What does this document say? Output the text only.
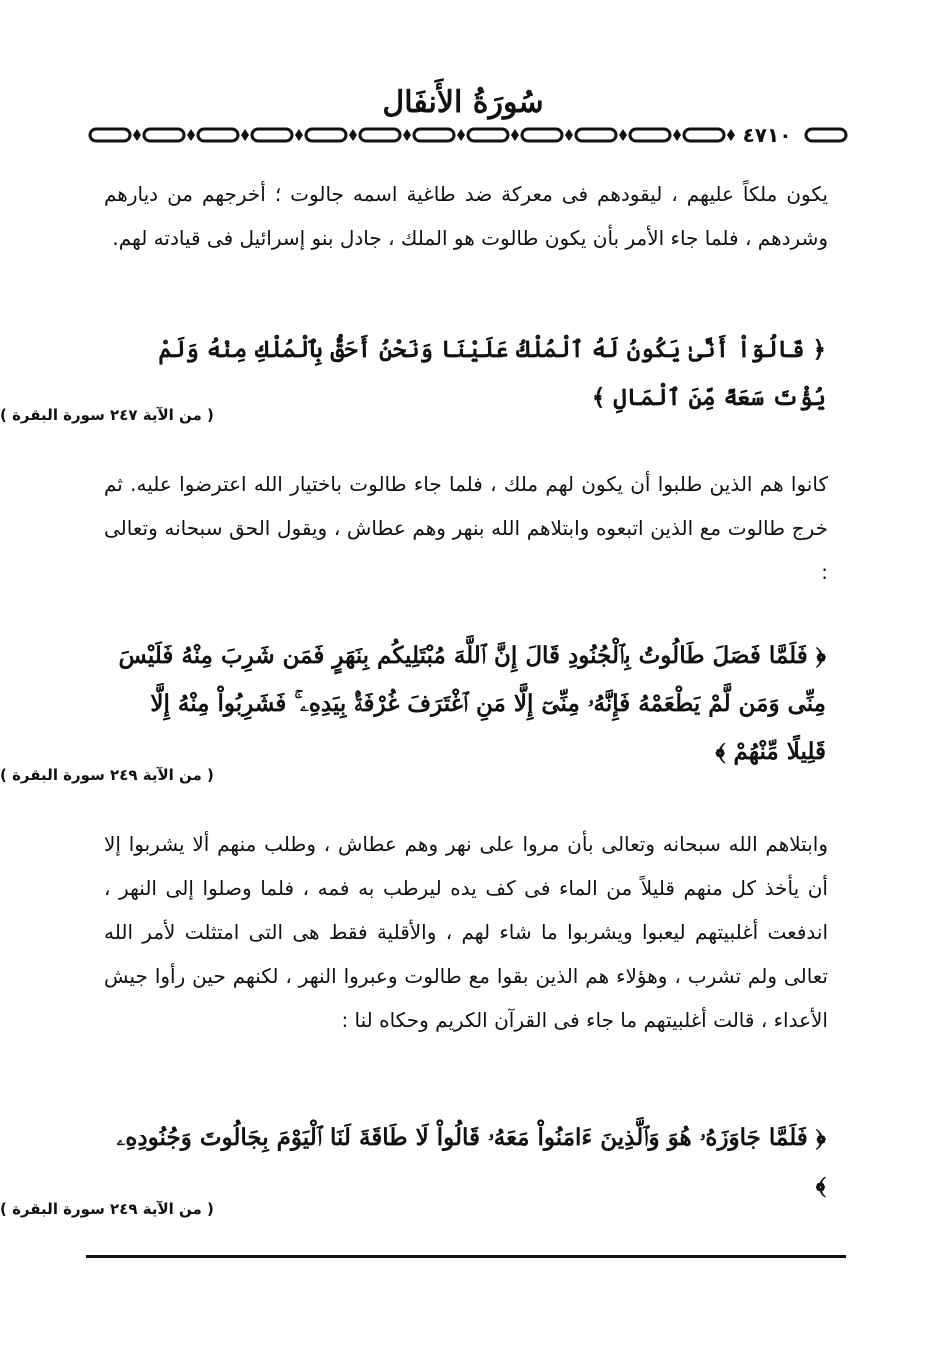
سُورَةُ الأَنفَال
٤٧١٠

يكون ملكاً عليهم ، ليقودهم فى معركة ضد طاغية اسمه جالوت ؛ أخرجهم من ديارهم وشردهم ، فلما جاء الأمر بأن يكون طالوت هو الملك ، جادل بنو إسرائيل فى قيادته لهم.

﴿ قَالُوٓاْ أَنَّىٰ يَكُونُ لَهُ ٱلْمُلْكُ عَلَيْنَا وَنَحْنُ أَحَقُّ بِٱلْمُلْكِ مِنْهُ وَلَمْ يُؤْتَ سَعَةً مِّنَ ٱلْمَالِ ﴾

( من الآية ٢٤٧ سورة البقرة )

كانوا هم الذين طلبوا أن يكون لهم ملك ، فلما جاء طالوت باختيار الله اعترضوا عليه. ثم خرج طالوت مع الذين اتبعوه وابتلاهم الله بنهر وهم عطاش ، ويقول الحق سبحانه وتعالى :

﴿ فَلَمَّا فَصَلَ طَالُوتُ بِٱلْجُنُودِ قَالَ إِنَّ ٱللَّهَ مُبْتَلِيكُم بِنَهَرٍ فَمَن شَرِبَ مِنْهُ فَلَيْسَ مِنِّى وَمَن لَّمْ يَطْعَمْهُ فَإِنَّهُۥ مِنِّىٓ إِلَّا مَنِ ٱغْتَرَفَ غُرْفَةًۢ بِيَدِهِۦ ۚ فَشَرِبُواْ مِنْهُ إِلَّا قَلِيلًا مِّنْهُمْ ﴾

( من الآية ٢٤٩ سورة البقرة )

وابتلاهم الله سبحانه وتعالى بأن مروا على نهر وهم عطاش ، وطلب منهم ألا يشربوا إلا أن يأخذ كل منهم قليلاً من الماء فى كف يده ليرطب به فمه ، فلما وصلوا إلى النهر ، اندفعت أغلبيتهم ليعبوا ويشربوا ما شاء لهم ، والأقلية فقط هى التى امتثلت لأمر الله تعالى ولم تشرب ، وهؤلاء هم الذين بقوا مع طالوت وعبروا النهر ، لكنهم حين رأوا جيش الأعداء ، قالت أغلبيتهم ما جاء فى القرآن الكريم وحكاه لنا :

﴿ فَلَمَّا جَاوَزَهُۥ هُوَ وَٱلَّذِينَ ءَامَنُواْ مَعَهُۥ قَالُواْ لَا طَاقَةَ لَنَا ٱلْيَوْمَ بِجَالُوتَ وَجُنُودِهِۦ ﴾

( من الآية ٢٤٩ سورة البقرة )
